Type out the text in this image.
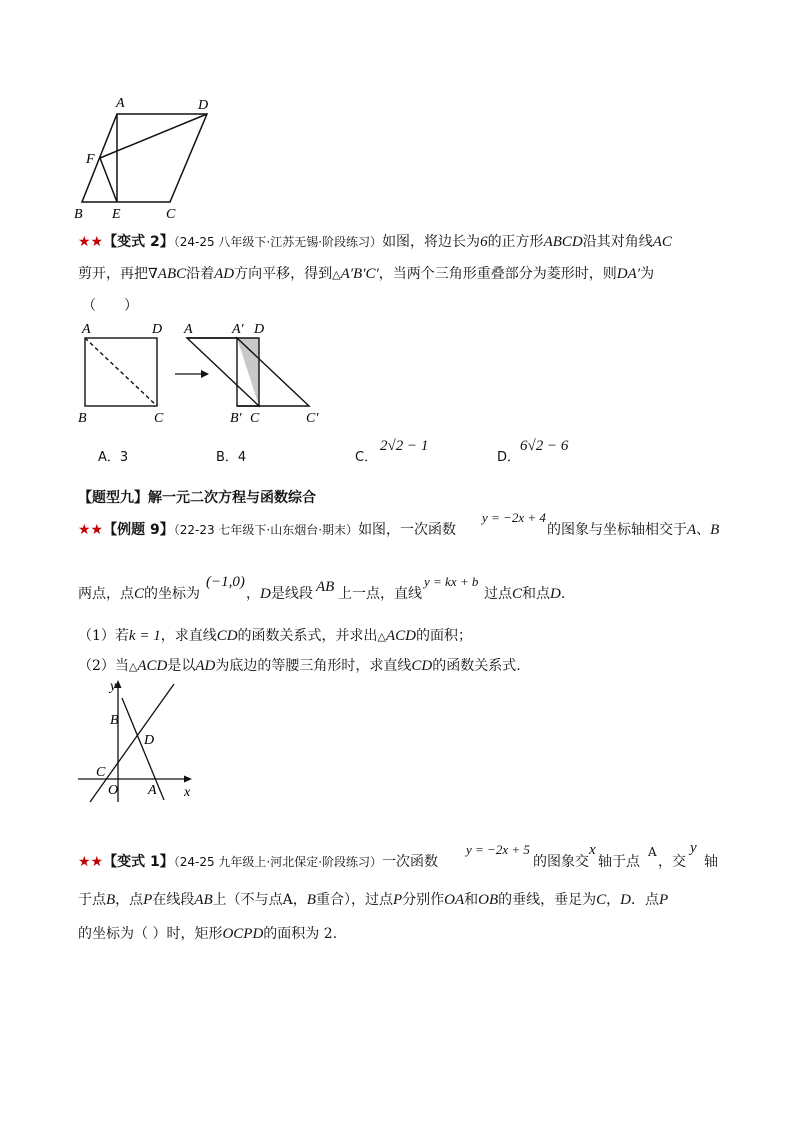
A	D
F
B E	C
★★【变式 2】（24-25 八年级下·江苏无锡·阶段练习）如图，将边长为6的正方形ABCD沿其对角线AC
剪开，再把∇ABC沿着AD方向平移，得到△A′B′C′，当两个三角形重叠部分为菱形时，则DA′为
（　　）
A	D
B	C
A	A′ D
B′ C	C′
A．3	B．4	C．
2√2 − 1
D．
6√2 − 6
【题型九】解一元二次方程与函数综合
★★【例题 9】（22-23 七年级下·山东烟台·期末）如图，一次函数
y = −2x + 4
的图象与坐标轴相交于A、B
两点，点C的坐标为
(−1,0)
，D是线段 AB 上一点，直线
y = kx + b
过点C和点D.
（1）若k = 1，求直线CD的函数关系式，并求出△ACD的面积；
（2）当△ACD是以AD为底边的等腰三角形时，求直线CD的函数关系式.
y
x
B
D
C
O A
★★【变式 1】（24-25 九年级上·河北保定·阶段练习）一次函数
y = −2x + 5
的图象交
x
轴于点
A
，交
y
轴
于点B，点P在线段AB上（不与点A，B重合），过点P分别作OA和OB的垂线，垂足为C，D．点P
的坐标为（ ）时，矩形OCPD的面积为 2.
